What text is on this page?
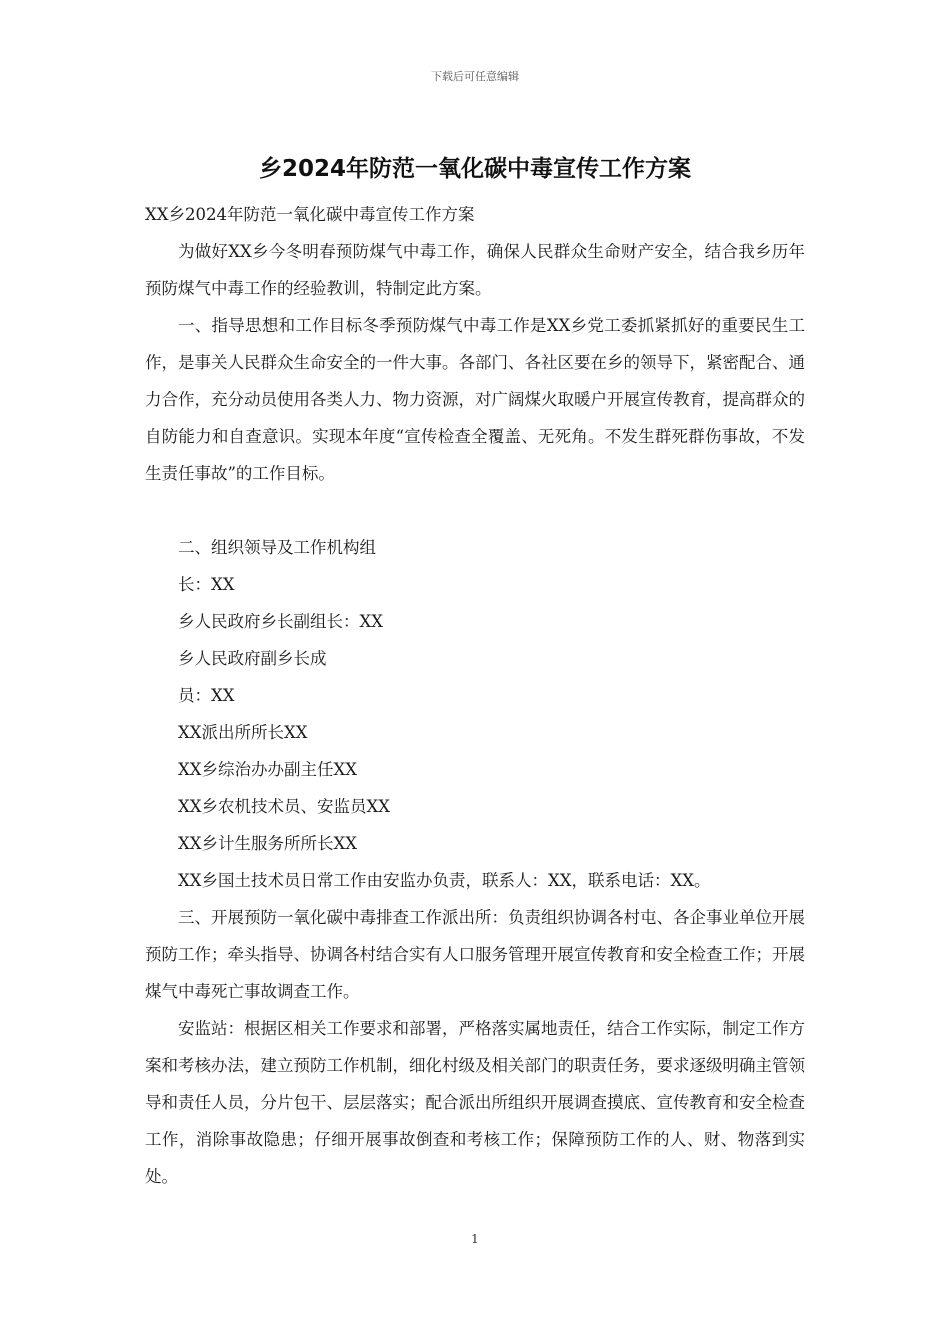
下载后可任意编辑
乡2024年防范一氧化碳中毒宣传工作方案

XX乡2024年防范一氧化碳中毒宣传工作方案

为做好XX乡今冬明春预防煤气中毒工作，确保人民群众生命财产安全，结合我乡历年预防煤气中毒工作的经验教训，特制定此方案。

一、指导思想和工作目标冬季预防煤气中毒工作是XX乡党工委抓紧抓好的重要民生工作，是事关人民群众生命安全的一件大事。各部门、各社区要在乡的领导下，紧密配合、通力合作，充分动员使用各类人力、物力资源，对广阔煤火取暖户开展宣传教育，提高群众的自防能力和自查意识。实现本年度“宣传检查全覆盖、无死角。不发生群死群伤事故，不发生责任事故”的工作目标。

二、组织领导及工作机构组

长：XX

乡人民政府乡长副组长：XX

乡人民政府副乡长成

员：XX

XX派出所所长XX

XX乡综治办办副主任XX

XX乡农机技术员、安监员XX

XX乡计生服务所所长XX

XX乡国土技术员日常工作由安监办负责，联系人：XX，联系电话：XX。

三、开展预防一氧化碳中毒排查工作派出所：负责组织协调各村屯、各企事业单位开展预防工作；牵头指导、协调各村结合实有人口服务管理开展宣传教育和安全检查工作；开展煤气中毒死亡事故调查工作。

安监站：根据区相关工作要求和部署，严格落实属地责任，结合工作实际，制定工作方案和考核办法，建立预防工作机制，细化村级及相关部门的职责任务，要求逐级明确主管领导和责任人员，分片包干、层层落实；配合派出所组织开展调查摸底、宣传教育和安全检查工作，消除事故隐患；仔细开展事故倒查和考核工作；保障预防工作的人、财、物落到实处。

1
